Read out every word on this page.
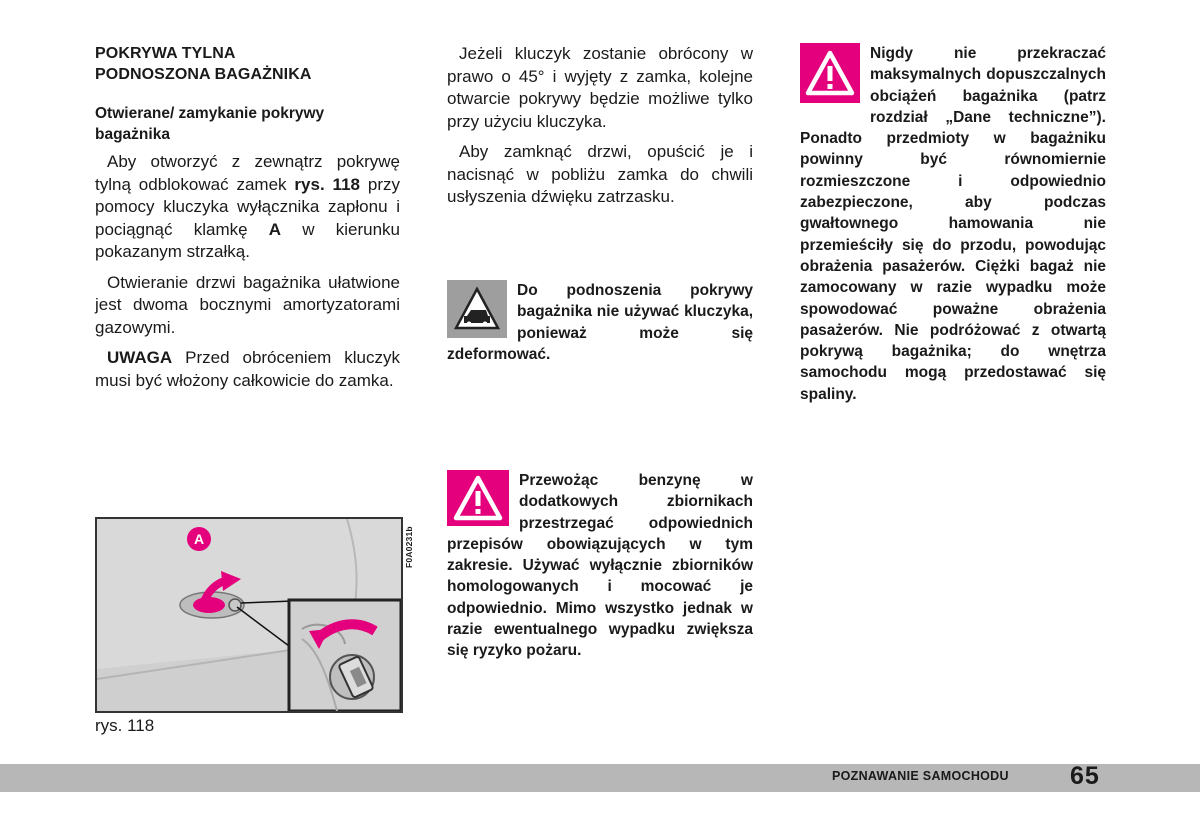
POKRYWA TYLNA
PODNOSZONA BAGAŻNIKA
Otwierane/ zamykanie pokrywy bagażnika

Aby otworzyć z zewnątrz pokrywę tylną odblokować zamek rys. 118 przy pomocy kluczyka wyłącznika zapłonu i pociągnąć klamkę A w kierunku pokazanym strzałką.

Otwieranie drzwi bagażnika ułatwione jest dwoma bocznymi amortyzatorami gazowymi.

UWAGA Przed obróceniem kluczyk musi być włożony całkowicie do zamka.

A	F0A0231b
rys. 118

Jeżeli kluczyk zostanie obrócony w prawo o 45° i wyjęty z zamka, kolejne otwarcie pokrywy będzie możliwe tylko przy użyciu kluczyka.

Aby zamknąć drzwi, opuścić je i nacisnąć w pobliżu zamka do chwili usłyszenia dźwięku zatrzasku.

Do podnoszenia pokrywy bagażnika nie używać kluczyka, ponieważ może się zdeformować.
Przewożąc benzynę w dodatkowych zbiornikach przestrzegać odpowiednich przepisów obowiązujących w tym zakresie. Używać wyłącznie zbiorników homologowanych i mocować je odpowiednio. Mimo wszystko jednak w razie ewentualnego wypadku zwiększa się ryzyko pożaru.
Nigdy nie przekraczać maksymalnych dopuszczalnych obciążeń bagażnika (patrz rozdział „Dane techniczne”). Ponadto przedmioty w bagażniku powinny być równomiernie rozmieszczone i odpowiednio zabezpieczone, aby podczas gwałtownego hamowania nie przemieściły się do przodu, powodując obrażenia pasażerów. Ciężki bagaż nie zamocowany w razie wypadku może spowodować poważne obrażenia pasażerów. Nie podróżować z otwartą pokrywą bagażnika; do wnętrza samochodu mogą przedostawać się spaliny.
POZNAWANIE SAMOCHODU 65
